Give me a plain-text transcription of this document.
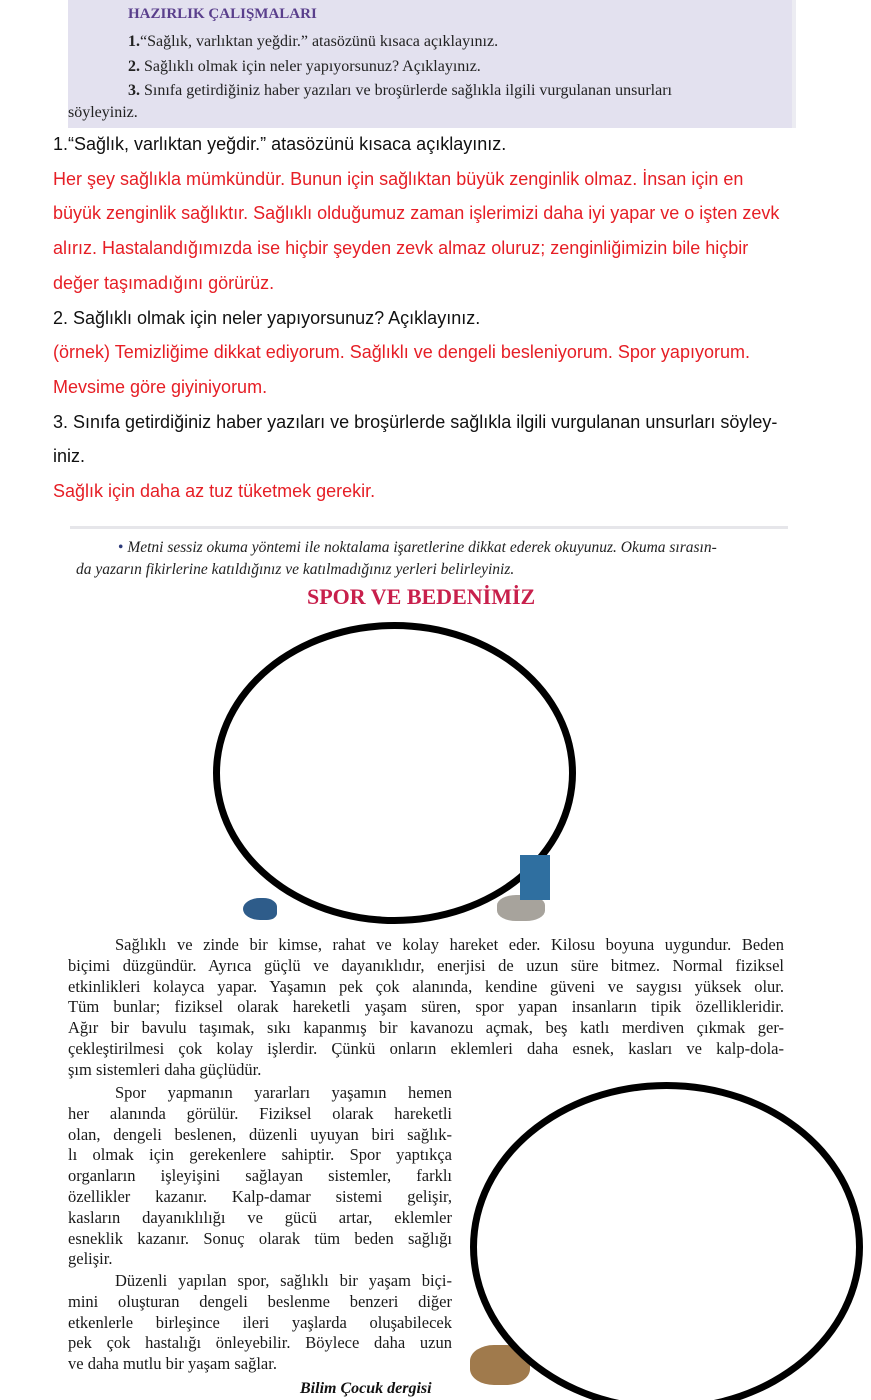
HAZIRLIK ÇALIŞMALARI
1.“Sağlık, varlıktan yeğdir.” atasözünü kısaca açıklayınız.
2. Sağlıklı olmak için neler yapıyorsunuz? Açıklayınız.
3. Sınıfa getirdiğiniz haber yazıları ve broşürlerde sağlıkla ilgili vurgulanan unsurları
söyleyiniz.
1.“Sağlık, varlıktan yeğdir.” atasözünü kısaca açıklayınız.
Her şey sağlıkla mümkündür. Bunun için sağlıktan büyük zenginlik olmaz. İnsan için en
büyük zenginlik sağlıktır. Sağlıklı olduğumuz zaman işlerimizi daha iyi yapar ve o işten zevk
alırız. Hastalandığımızda ise hiçbir şeyden zevk almaz oluruz; zenginliğimizin bile hiçbir
değer taşımadığını görürüz.
2. Sağlıklı olmak için neler yapıyorsunuz? Açıklayınız.
(örnek) Temizliğime dikkat ediyorum. Sağlıklı ve dengeli besleniyorum. Spor yapıyorum.
Mevsime göre giyiniyorum.
3. Sınıfa getirdiğiniz haber yazıları ve broşürlerde sağlıkla ilgili vurgulanan unsurları söyley-
iniz.
Sağlık için daha az tuz tüketmek gerekir.
• Metni sessiz okuma yöntemi ile noktalama işaretlerine dikkat ederek okuyunuz. Okuma sırasın-
da yazarın fikirlerine katıldığınız ve katılmadığınız yerleri belirleyiniz.
SPOR VE BEDENİMİZ
Sağlıklı ve zinde bir kimse, rahat ve kolay hareket eder. Kilosu boyuna uygundur. Beden
biçimi düzgündür. Ayrıca güçlü ve dayanıklıdır, enerjisi de uzun süre bitmez. Normal fiziksel
etkinlikleri kolayca yapar. Yaşamın pek çok alanında, kendine güveni ve saygısı yüksek olur.
Tüm bunlar; fiziksel olarak hareketli yaşam süren, spor yapan insanların tipik özellikleridir.
Ağır bir bavulu taşımak, sıkı kapanmış bir kavanozu açmak, beş katlı merdiven çıkmak ger-
çekleştirilmesi çok kolay işlerdir. Çünkü onların eklemleri daha esnek, kasları ve kalp-dola-
şım sistemleri daha güçlüdür.
Spor yapmanın yararları yaşamın hemen
her alanında görülür. Fiziksel olarak hareketli
olan, dengeli beslenen, düzenli uyuyan biri sağlık-
lı olmak için gerekenlere sahiptir. Spor yaptıkça
organların işleyişini sağlayan sistemler, farklı
özellikler kazanır. Kalp-damar sistemi gelişir,
kasların dayanıklılığı ve gücü artar, eklemler
esneklik kazanır. Sonuç olarak tüm beden sağlığı
gelişir.
Düzenli yapılan spor, sağlıklı bir yaşam biçi-
mini oluşturan dengeli beslenme benzeri diğer
etkenlerle birleşince ileri yaşlarda oluşabilecek
pek çok hastalığı önleyebilir. Böylece daha uzun
ve daha mutlu bir yaşam sağlar.
Bilim Çocuk dergisi
